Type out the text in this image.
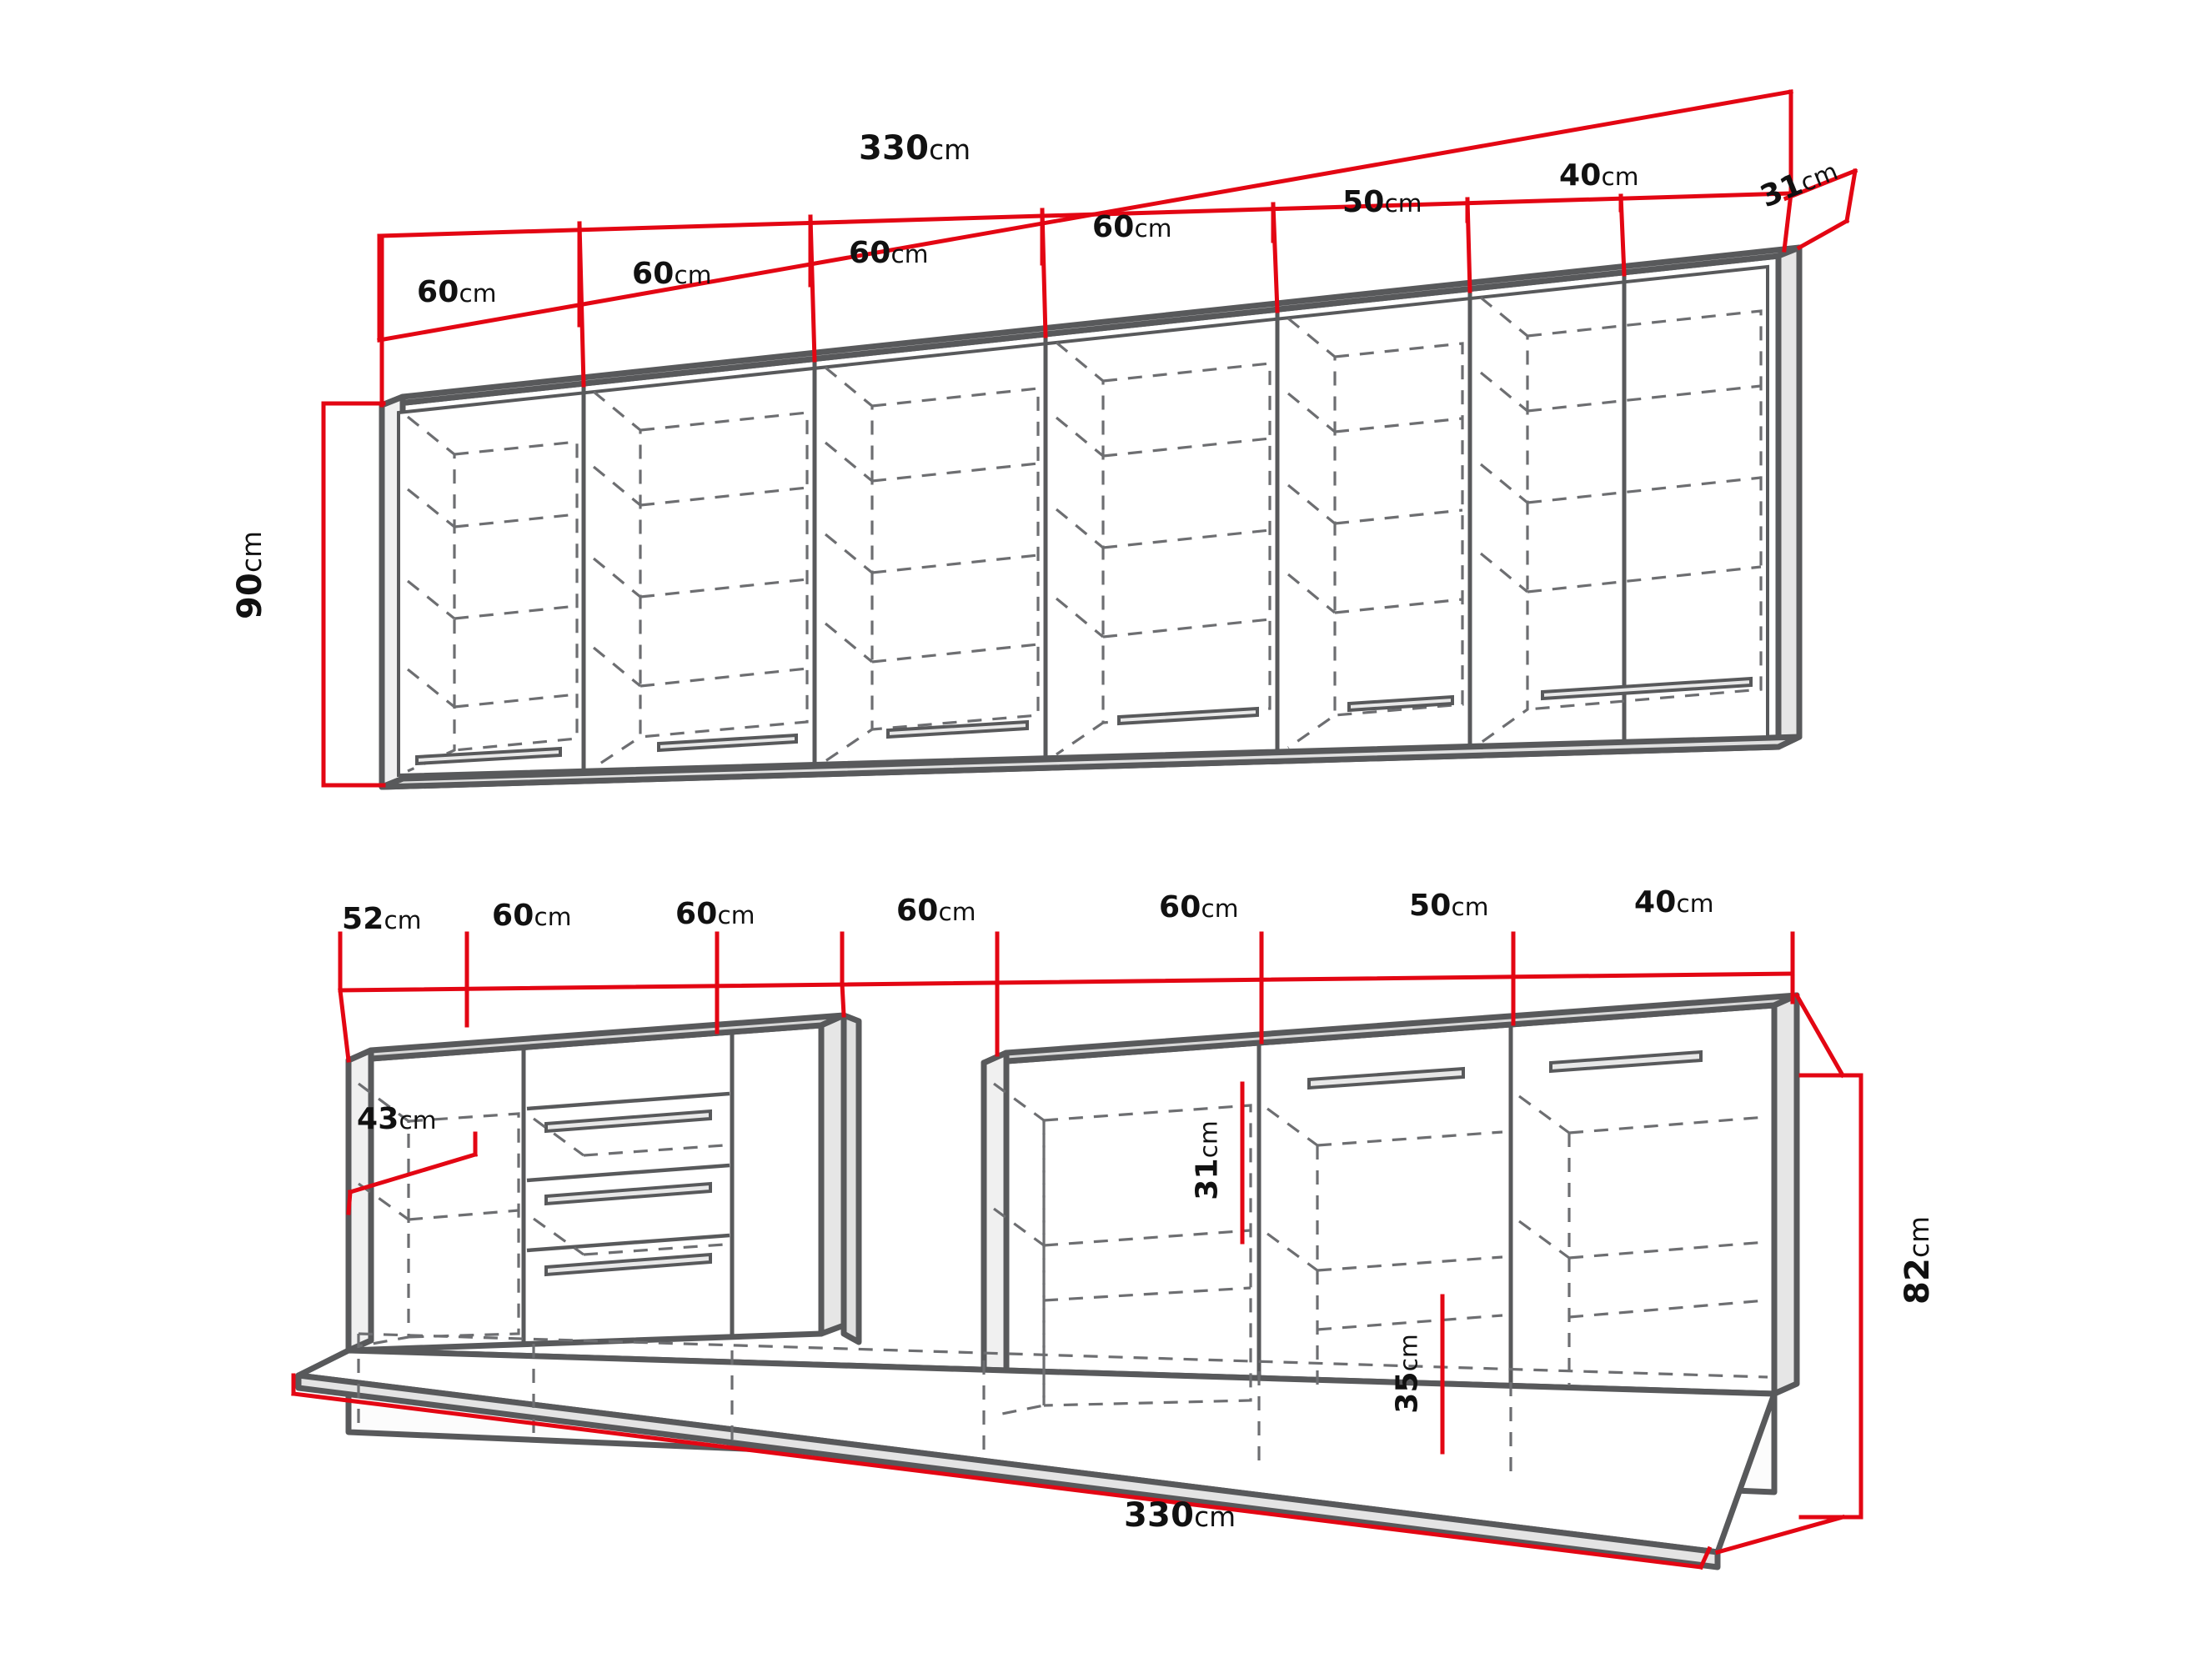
330cm
60cm
60cm
60cm
60cm
50cm
40cm	31cm
90cm
52cm 60cm	60cm	60cm	60cm	50cm	40cm
43cm
31cm
35cm
82cm
330cm
